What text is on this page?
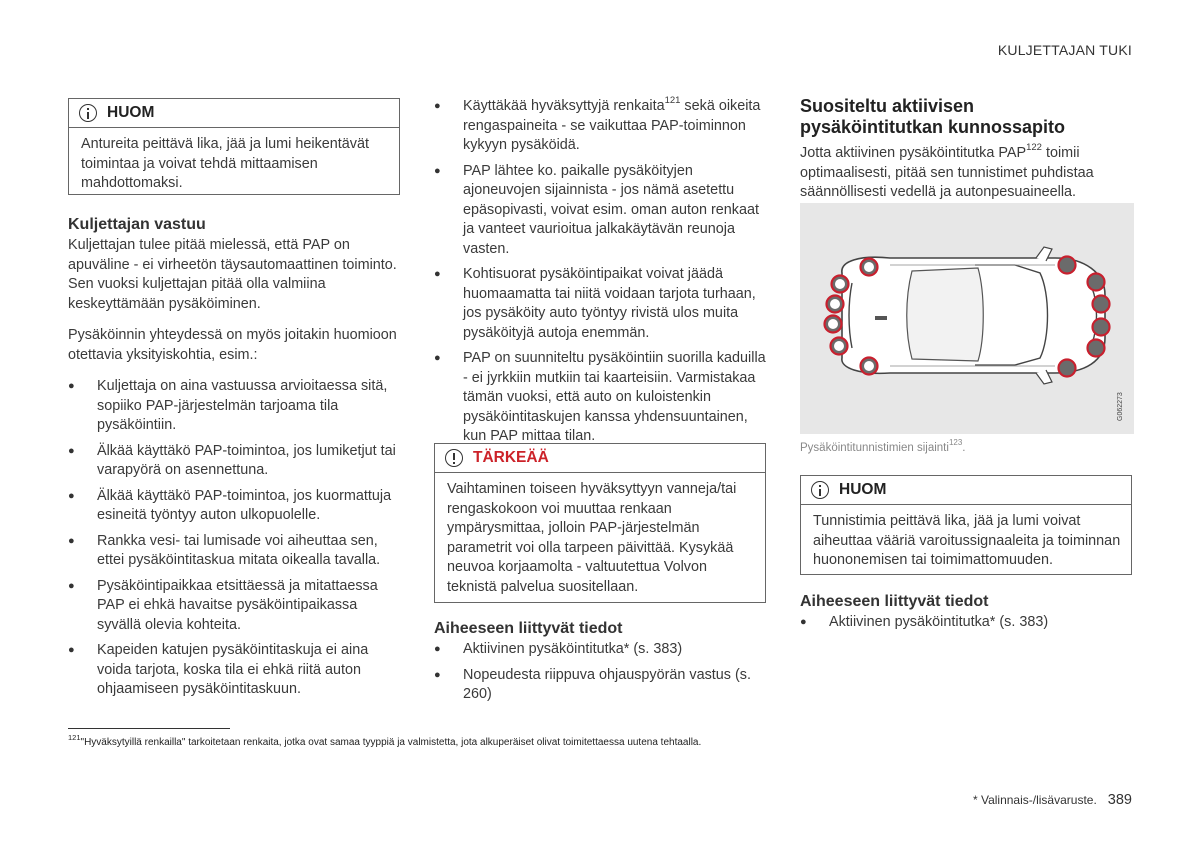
KULJETTAJAN TUKI
HUOM
Antureita peittävä lika, jää ja lumi heikentävät toimintaa ja voivat tehdä mittaamisen mahdottomaksi.
Kuljettajan vastuu

Kuljettajan tulee pitää mielessä, että PAP on apuväline - ei virheetön täysautomaattinen toiminto. Sen vuoksi kuljettajan pitää olla valmiina keskeyttämään pysäköiminen.

Pysäköinnin yhteydessä on myös joitakin huomioon otettavia yksityiskohtia, esim.:

● Kuljettaja on aina vastuussa arvioitaessa sitä, sopiiko PAP-järjestelmän tarjoama tila pysäköintiin.
● Älkää käyttäkö PAP-toimintoa, jos lumiketjut tai varapyörä on asennettuna.
● Älkää käyttäkö PAP-toimintoa, jos kuormattuja esineitä työntyy auton ulkopuolelle.
● Rankka vesi- tai lumisade voi aiheuttaa sen, ettei pysäköintitaskua mitata oikealla tavalla.
● Pysäköintipaikkaa etsittäessä ja mitattaessa PAP ei ehkä havaitse pysäköintipaikassa syvällä olevia kohteita.
● Kapeiden katujen pysäköintitaskuja ei aina voida tarjota, koska tila ei ehkä riitä auton ohjaamiseen pysäköintitaskuun.
● Käyttäkää hyväksyttyjä renkaita$^{121}$ sekä oikeita rengaspaineita - se vaikuttaa PAP-toiminnon kykyyn pysäköidä.
● PAP lähtee ko. paikalle pysäköityjen ajoneuvojen sijainnista - jos nämä asetettu epäsopivasti, voivat esim. oman auton renkaat ja vanteet vaurioitua jalkakäytävän reunoja vasten.
● Kohtisuorat pysäköintipaikat voivat jäädä huomaamatta tai niitä voidaan tarjota turhaan, jos pysäköity auto työntyy rivistä ulos muita pysäköityjä autoja enemmän.
● PAP on suunniteltu pysäköintiin suorilla kaduilla - ei jyrkkiin mutkiin tai kaarteisiin. Varmistakaa tämän vuoksi, että auto on kuloistenkin pysäköintitaskujen kanssa yhdensuuntainen, kun PAP mittaa tilan.
TÄRKEÄÄ
Vaihtaminen toiseen hyväksyttyyn vanneja/tai rengaskokoon voi muuttaa renkaan ympärysmittaa, jolloin PAP-järjestelmän parametrit voi olla tarpeen päivittää. Kysykää neuvoa korjaamolta - valtuutettua Volvon teknistä palvelua suositellaan.
Aiheeseen liittyvät tiedot
● Aktiivinen pysäköintitutka* (s. 383)
● Nopeudesta riippuva ohjauspyörän vastus (s. 260)
Suositeltu aktiivisen
pysäköintitutkan kunnossapito

Jotta aktiivinen pysäköintitutka PAP$^{122}$ toimii optimaalisesti, pitää sen tunnistimet puhdistaa säännöllisesti vedellä ja autonpesuaineella.

G062273
Pysäköintitunnistimien sijainti$^{123}$.
HUOM
Tunnistimia peittävä lika, jää ja lumi voivat aiheuttaa vääriä varoitussignaaleita ja toiminnan huononemisen tai toimimattomuuden.
Aiheeseen liittyvät tiedot
● Aktiivinen pysäköintitutka* (s. 383)
$^{121}$"Hyväksytyillä renkailla" tarkoitetaan renkaita, jotka ovat samaa tyyppiä ja valmistetta, jota alkuperäiset olivat toimitettaessa uutena tehtaalla.
* Valinnais-/lisävaruste. 389
